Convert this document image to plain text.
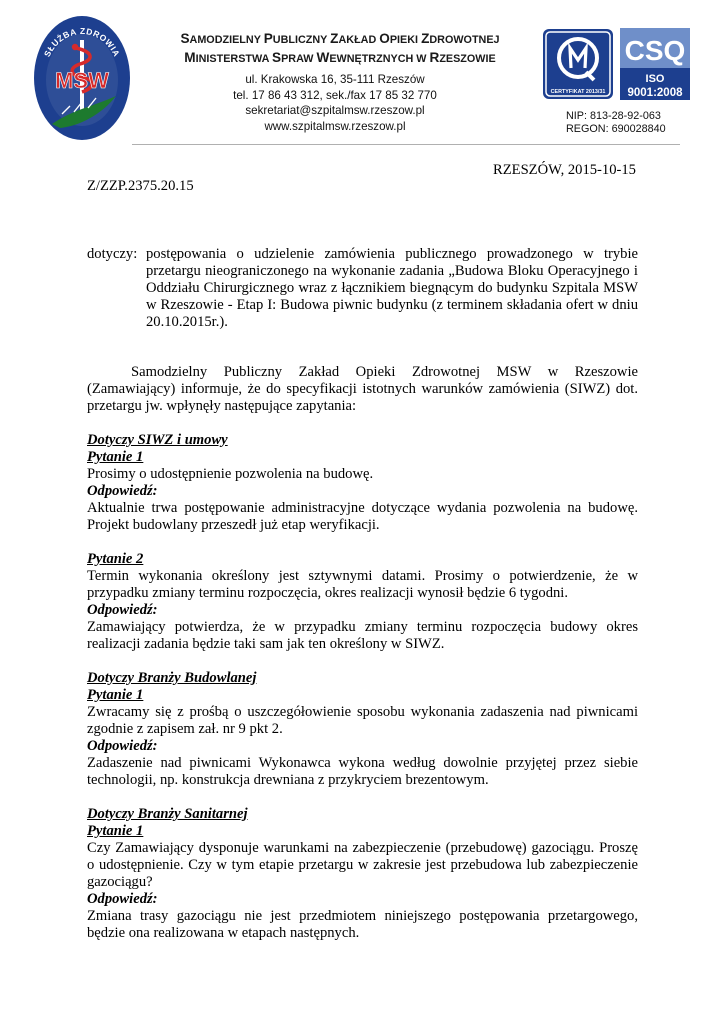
SŁUŻBA ZDROWIA
MSW
SAMODZIELNY PUBLICZNY ZAKŁAD OPIEKI ZDROWOTNEJ
MINISTERSTWA SPRAW WEWNĘTRZNYCH W RZESZOWIE
ul. Krakowska 16, 35-111 Rzeszów
tel. 17 86 43 312, sek./fax 17 85 32 770
sekretariat@szpitalmsw.rzeszow.pl
www.szpitalmsw.rzeszow.pl
CERTYFIKAT 2013/31
CSQ
ISO
9001:2008
NIP: 813-28-92-063
REGON: 690028840
RZESZÓW, 2015-10-15
Z/ZZP.2375.20.15
dotyczy: postępowania o udzielenie zamówienia publicznego prowadzonego w trybie przetargu nieograniczonego na wykonanie zadania „Budowa Bloku Operacyjnego i Oddziału Chirurgicznego wraz z łącznikiem biegnącym do budynku Szpitala MSW w Rzeszowie - Etap I: Budowa piwnic budynku (z terminem składania ofert w dniu 20.10.2015r.).
Samodzielny Publiczny Zakład Opieki Zdrowotnej MSW w Rzeszowie (Zamawiający) informuje, że do specyfikacji istotnych warunków zamówienia (SIWZ) dot. przetargu jw. wpłynęły następujące zapytania:
Dotyczy SIWZ i umowy
Pytanie 1
Prosimy o udostępnienie pozwolenia na budowę.
Odpowiedź:
Aktualnie trwa postępowanie administracyjne dotyczące wydania pozwolenia na budowę. Projekt budowlany przeszedł już etap weryfikacji.
Pytanie 2
Termin wykonania określony jest sztywnymi datami. Prosimy o potwierdzenie, że w przypadku zmiany terminu rozpoczęcia, okres realizacji wynosił będzie 6 tygodni.
Odpowiedź:
Zamawiający potwierdza, że w przypadku zmiany terminu rozpoczęcia budowy okres realizacji zadania będzie taki sam jak ten określony w SIWZ.
Dotyczy Branży Budowlanej
Pytanie 1
Zwracamy się z prośbą o uszczegółowienie sposobu wykonania zadaszenia nad piwnicami zgodnie z zapisem zał. nr 9 pkt 2.
Odpowiedź:
Zadaszenie nad piwnicami Wykonawca wykona według dowolnie przyjętej przez siebie technologii, np. konstrukcja drewniana z przykryciem brezentowym.
Dotyczy Branży Sanitarnej
Pytanie 1
Czy Zamawiający dysponuje warunkami na zabezpieczenie (przebudowę) gazociągu. Proszę o udostępnienie. Czy w tym etapie przetargu w zakresie jest przebudowa lub zabezpieczenie gazociągu?
Odpowiedź:
Zmiana trasy gazociągu nie jest przedmiotem niniejszego postępowania przetargowego, będzie ona realizowana w etapach następnych.
